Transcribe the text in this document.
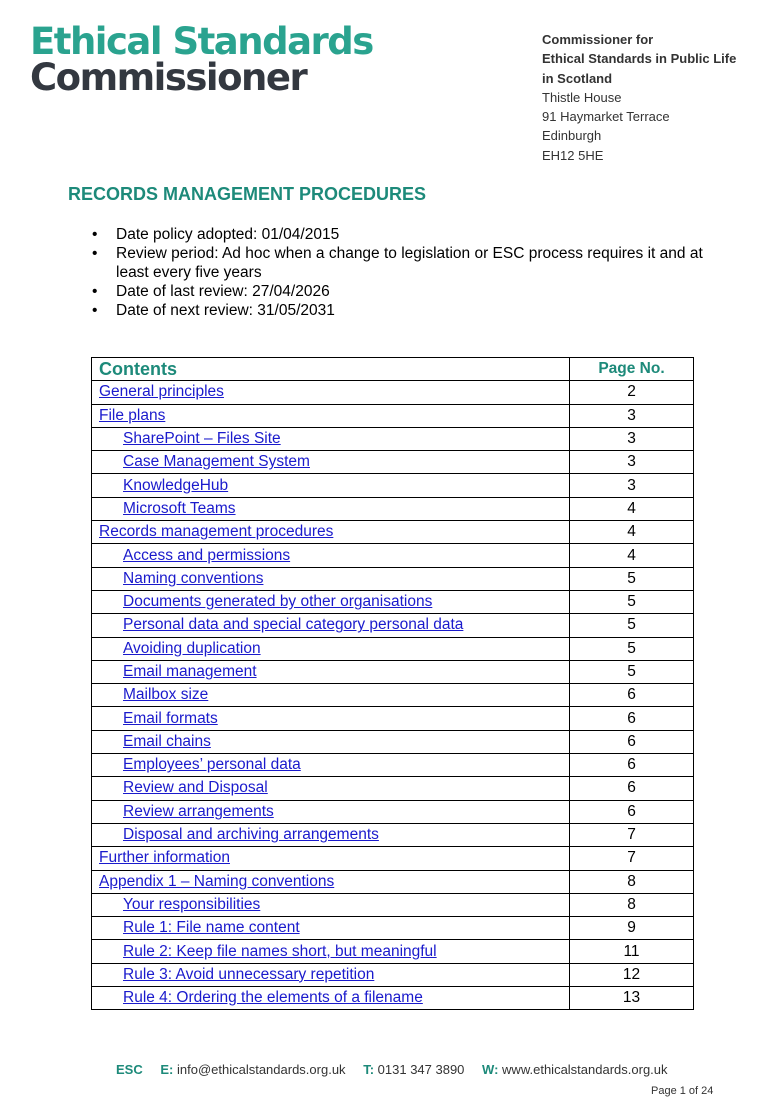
Ethical Standards
Commissioner
Commissioner for
Ethical Standards in Public Life
in Scotland
Thistle House
91 Haymarket Terrace
Edinburgh
EH12 5HE
RECORDS MANAGEMENT PROCEDURES
• Date policy adopted: 01/04/2015
• Review period: Ad hoc when a change to legislation or ESC process requires it and at least every five years
• Date of last review: 27/04/2026
• Date of next review: 31/05/2031
Contents	Page No.
General principles	2
File plans	3
SharePoint – Files Site	3
Case Management System	3
KnowledgeHub	3
Microsoft Teams	4
Records management procedures	4
Access and permissions	4
Naming conventions	5
Documents generated by other organisations	5
Personal data and special category personal data	5
Avoiding duplication	5
Email management	5
Mailbox size	6
Email formats	6
Email chains	6
Employees’ personal data	6
Review and Disposal	6
Review arrangements	6
Disposal and archiving arrangements	7
Further information	7
Appendix 1 – Naming conventions	8
Your responsibilities	8
Rule 1: File name content	9
Rule 2: Keep file names short, but meaningful	11
Rule 3: Avoid unnecessary repetition	12
Rule 4: Ordering the elements of a filename	13
ESC E: info@ethicalstandards.org.uk T: 0131 347 3890 W: www.ethicalstandards.org.uk
Page 1 of 24
